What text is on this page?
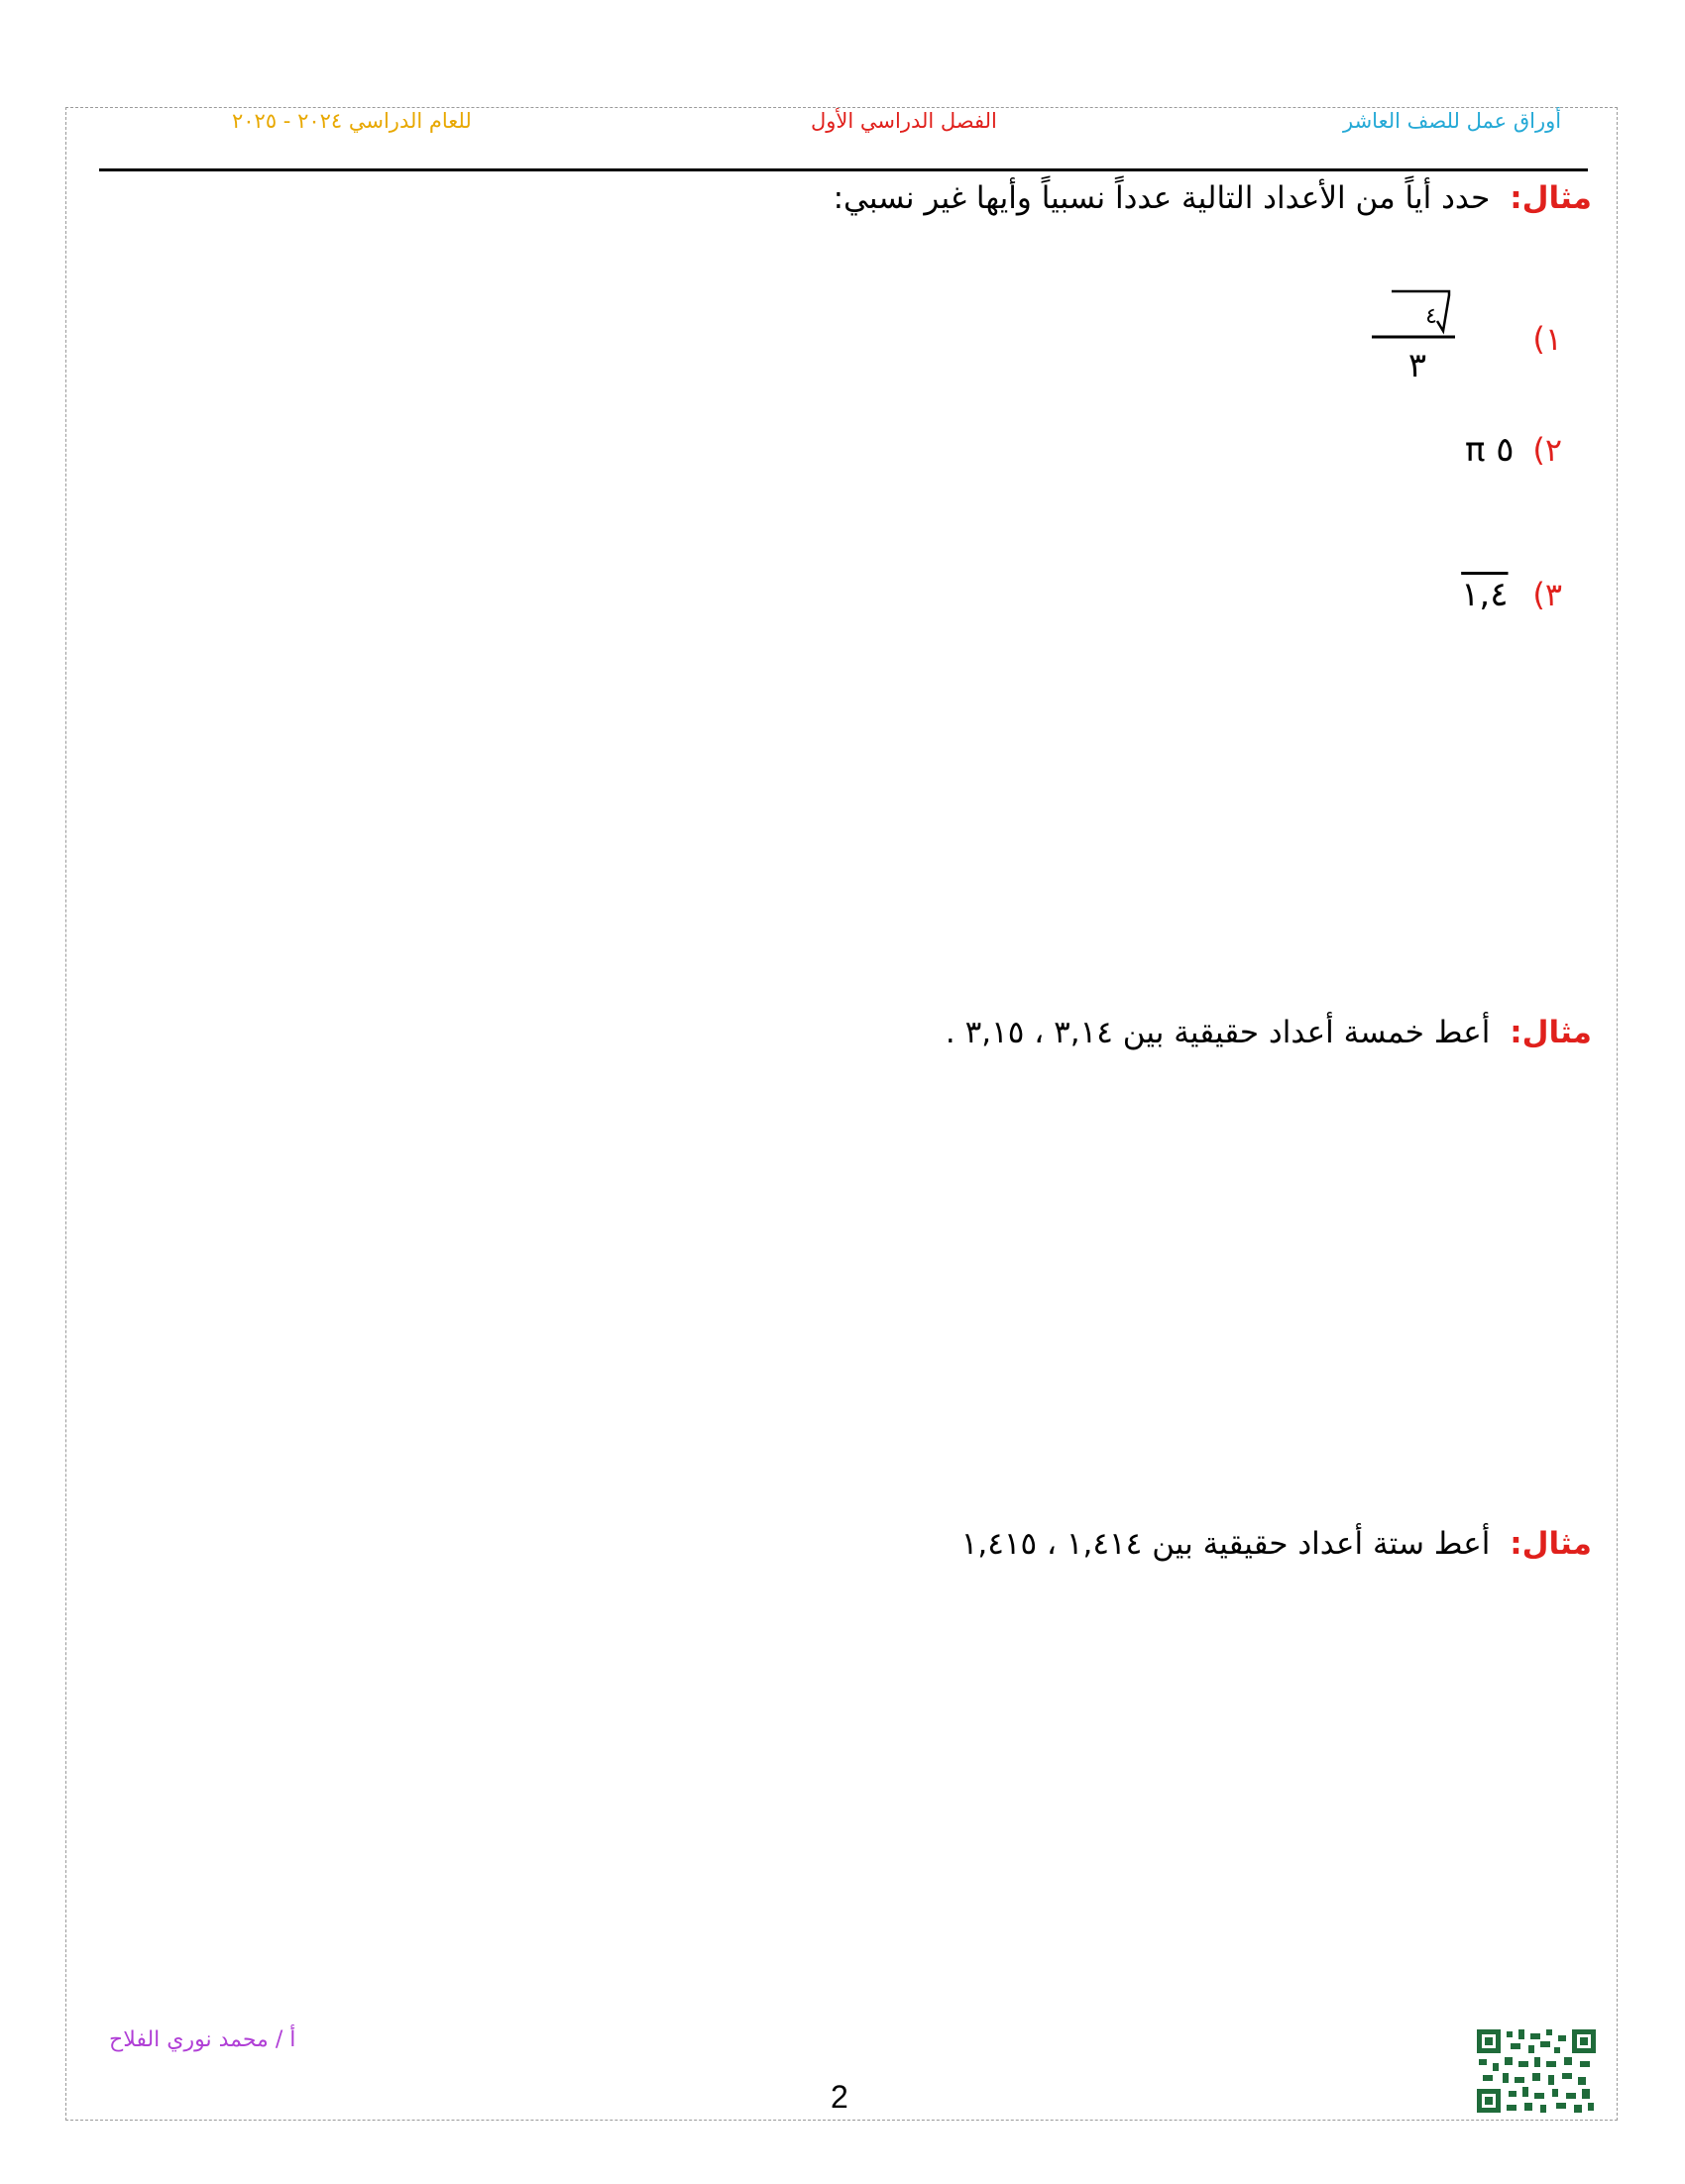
أوراق عمل للصف العاشر
الفصل الدراسي الأول
للعام الدراسي ٢٠٢٤ - ٢٠٢٥
مثال: حدد أياً من الأعداد التالية عدداً نسبياً وأيها غير نسبي:
١)
٤
٣
٢) ٥ π
٣) ١,٤
مثال: أعط خمسة أعداد حقيقية بين ٣,١٤ ، ٣,١٥ .
مثال: أعط ستة أعداد حقيقية بين ١,٤١٤ ، ١,٤١٥
أ / محمد نوري الفلاح
2
